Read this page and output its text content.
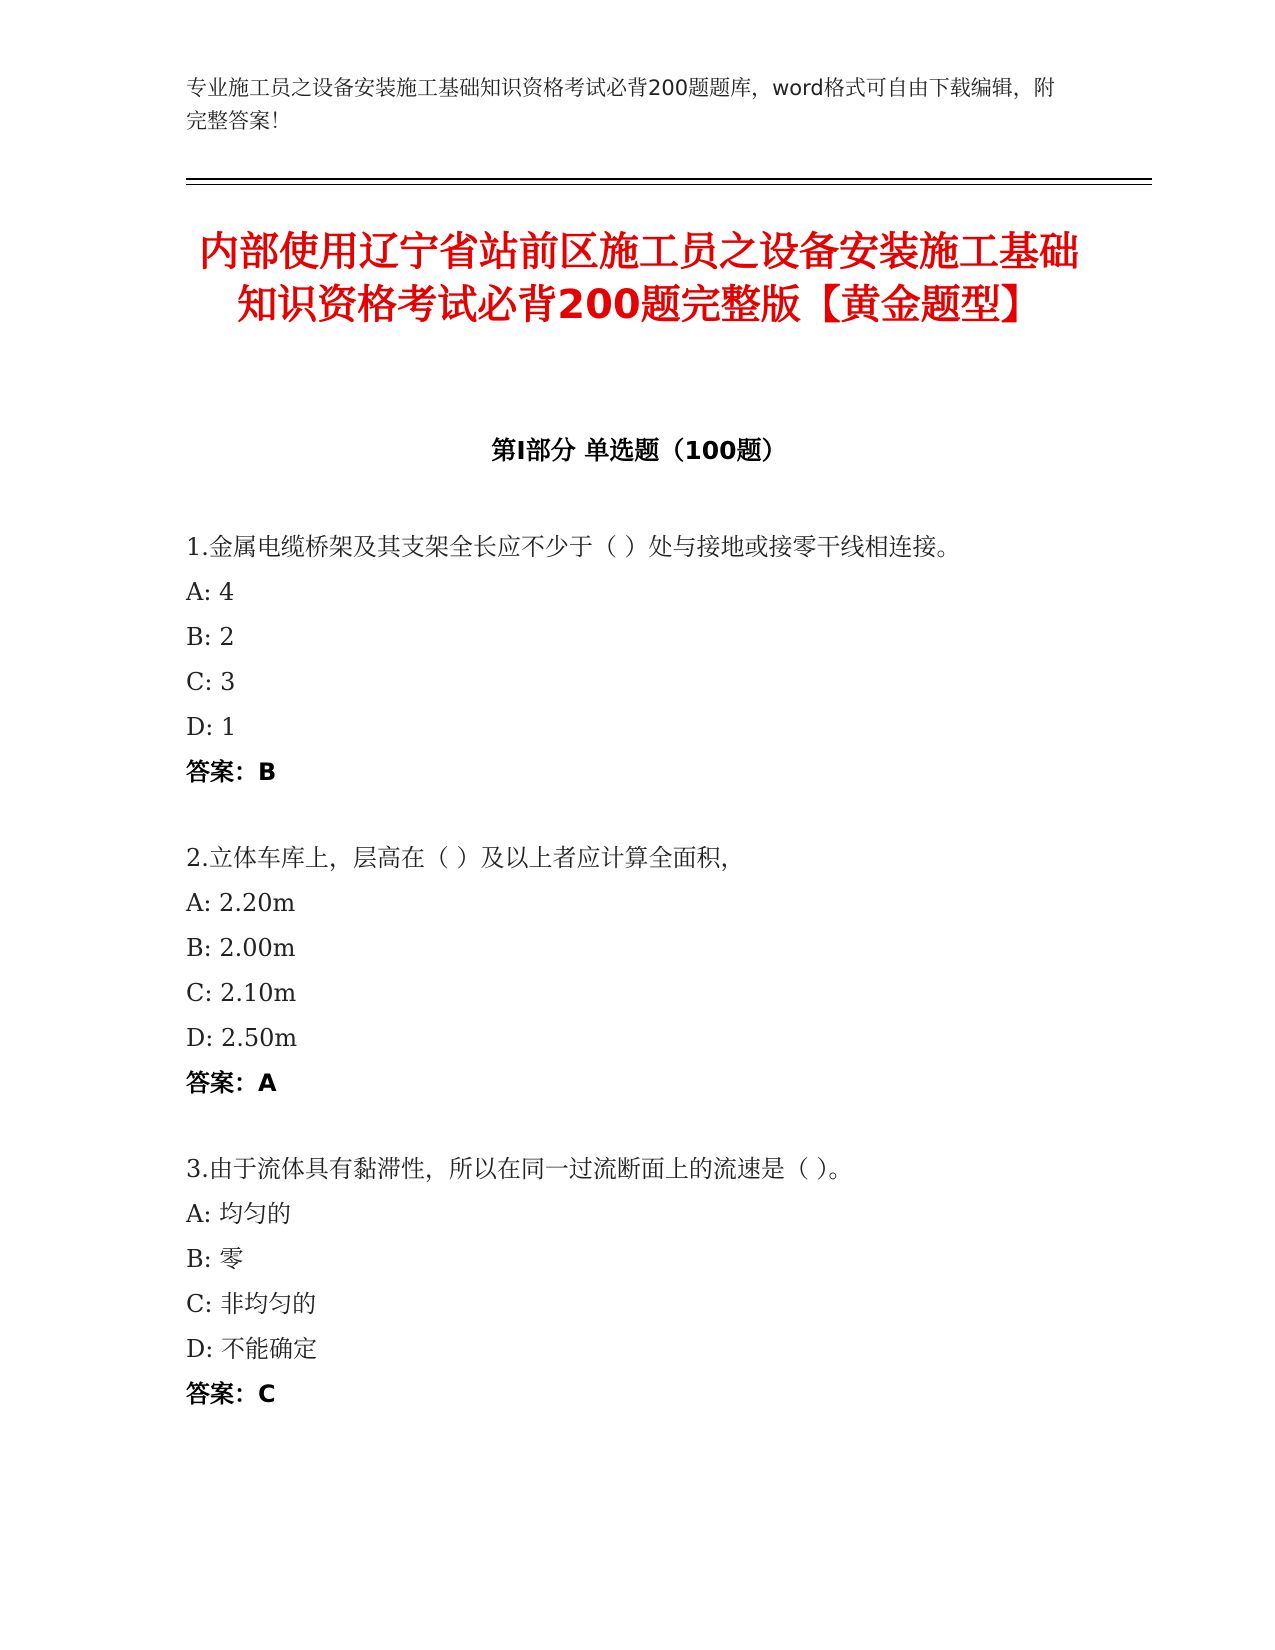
专业施工员之设备安装施工基础知识资格考试必背200题题库，word格式可自由下载编辑，附完整答案！
内部使用辽宁省站前区施工员之设备安装施工基础知识资格考试必背200题完整版【黄金题型】
第I部分 单选题（100题）
1.金属电缆桥架及其支架全长应不少于（ ）处与接地或接零干线相连接。
A: 4
B: 2
C: 3
D: 1
答案：B
2.立体车库上，层高在（ ）及以上者应计算全面积，
A: 2.20m
B: 2.00m
C: 2.10m
D: 2.50m
答案：A
3.由于流体具有黏滞性，所以在同一过流断面上的流速是（ ）。
A: 均匀的
B: 零
C: 非均匀的
D: 不能确定
答案：C
